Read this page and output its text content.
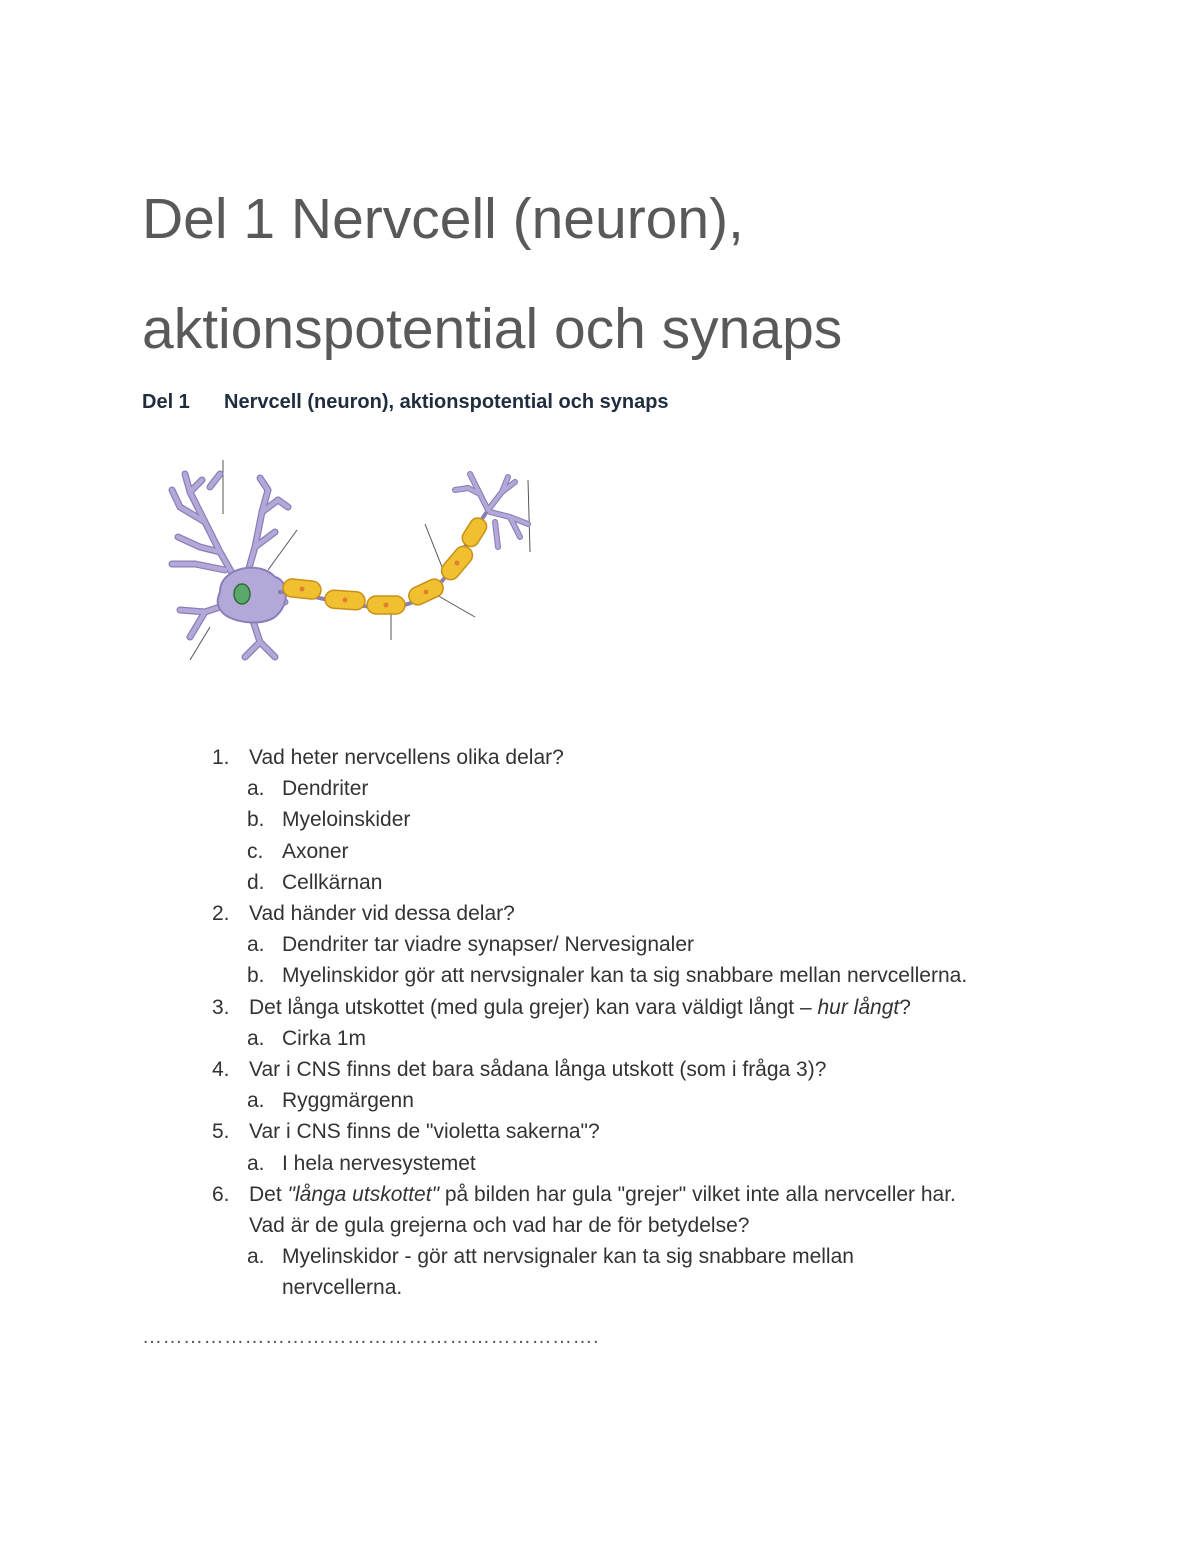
Del 1 Nervcell (neuron),
aktionspotential och synaps
Del 1 Nervcell (neuron), aktionspotential och synaps
1. Vad heter nervcellens olika delar?
a. Dendriter
b. Myeloinskider
c. Axoner
d. Cellkärnan
2. Vad händer vid dessa delar?
a. Dendriter tar viadre synapser/ Nervesignaler
b. Myelinskidor gör att nervsignaler kan ta sig snabbare mellan nervcellerna.
3. Det långa utskottet (med gula grejer) kan vara väldigt långt – hur långt?
a. Cirka 1m
4. Var i CNS finns det bara sådana långa utskott (som i fråga 3)?
a. Ryggmärgenn
5. Var i CNS finns de "violetta sakerna"?
a. I hela nervesystemet
6. Det "långa utskottet" på bilden har gula "grejer" vilket inte alla nervceller har.
Vad är de gula grejerna och vad har de för betydelse?
a. Myelinskidor - gör att nervsignaler kan ta sig snabbare mellan
nervcellerna.
………………………………………………………….
